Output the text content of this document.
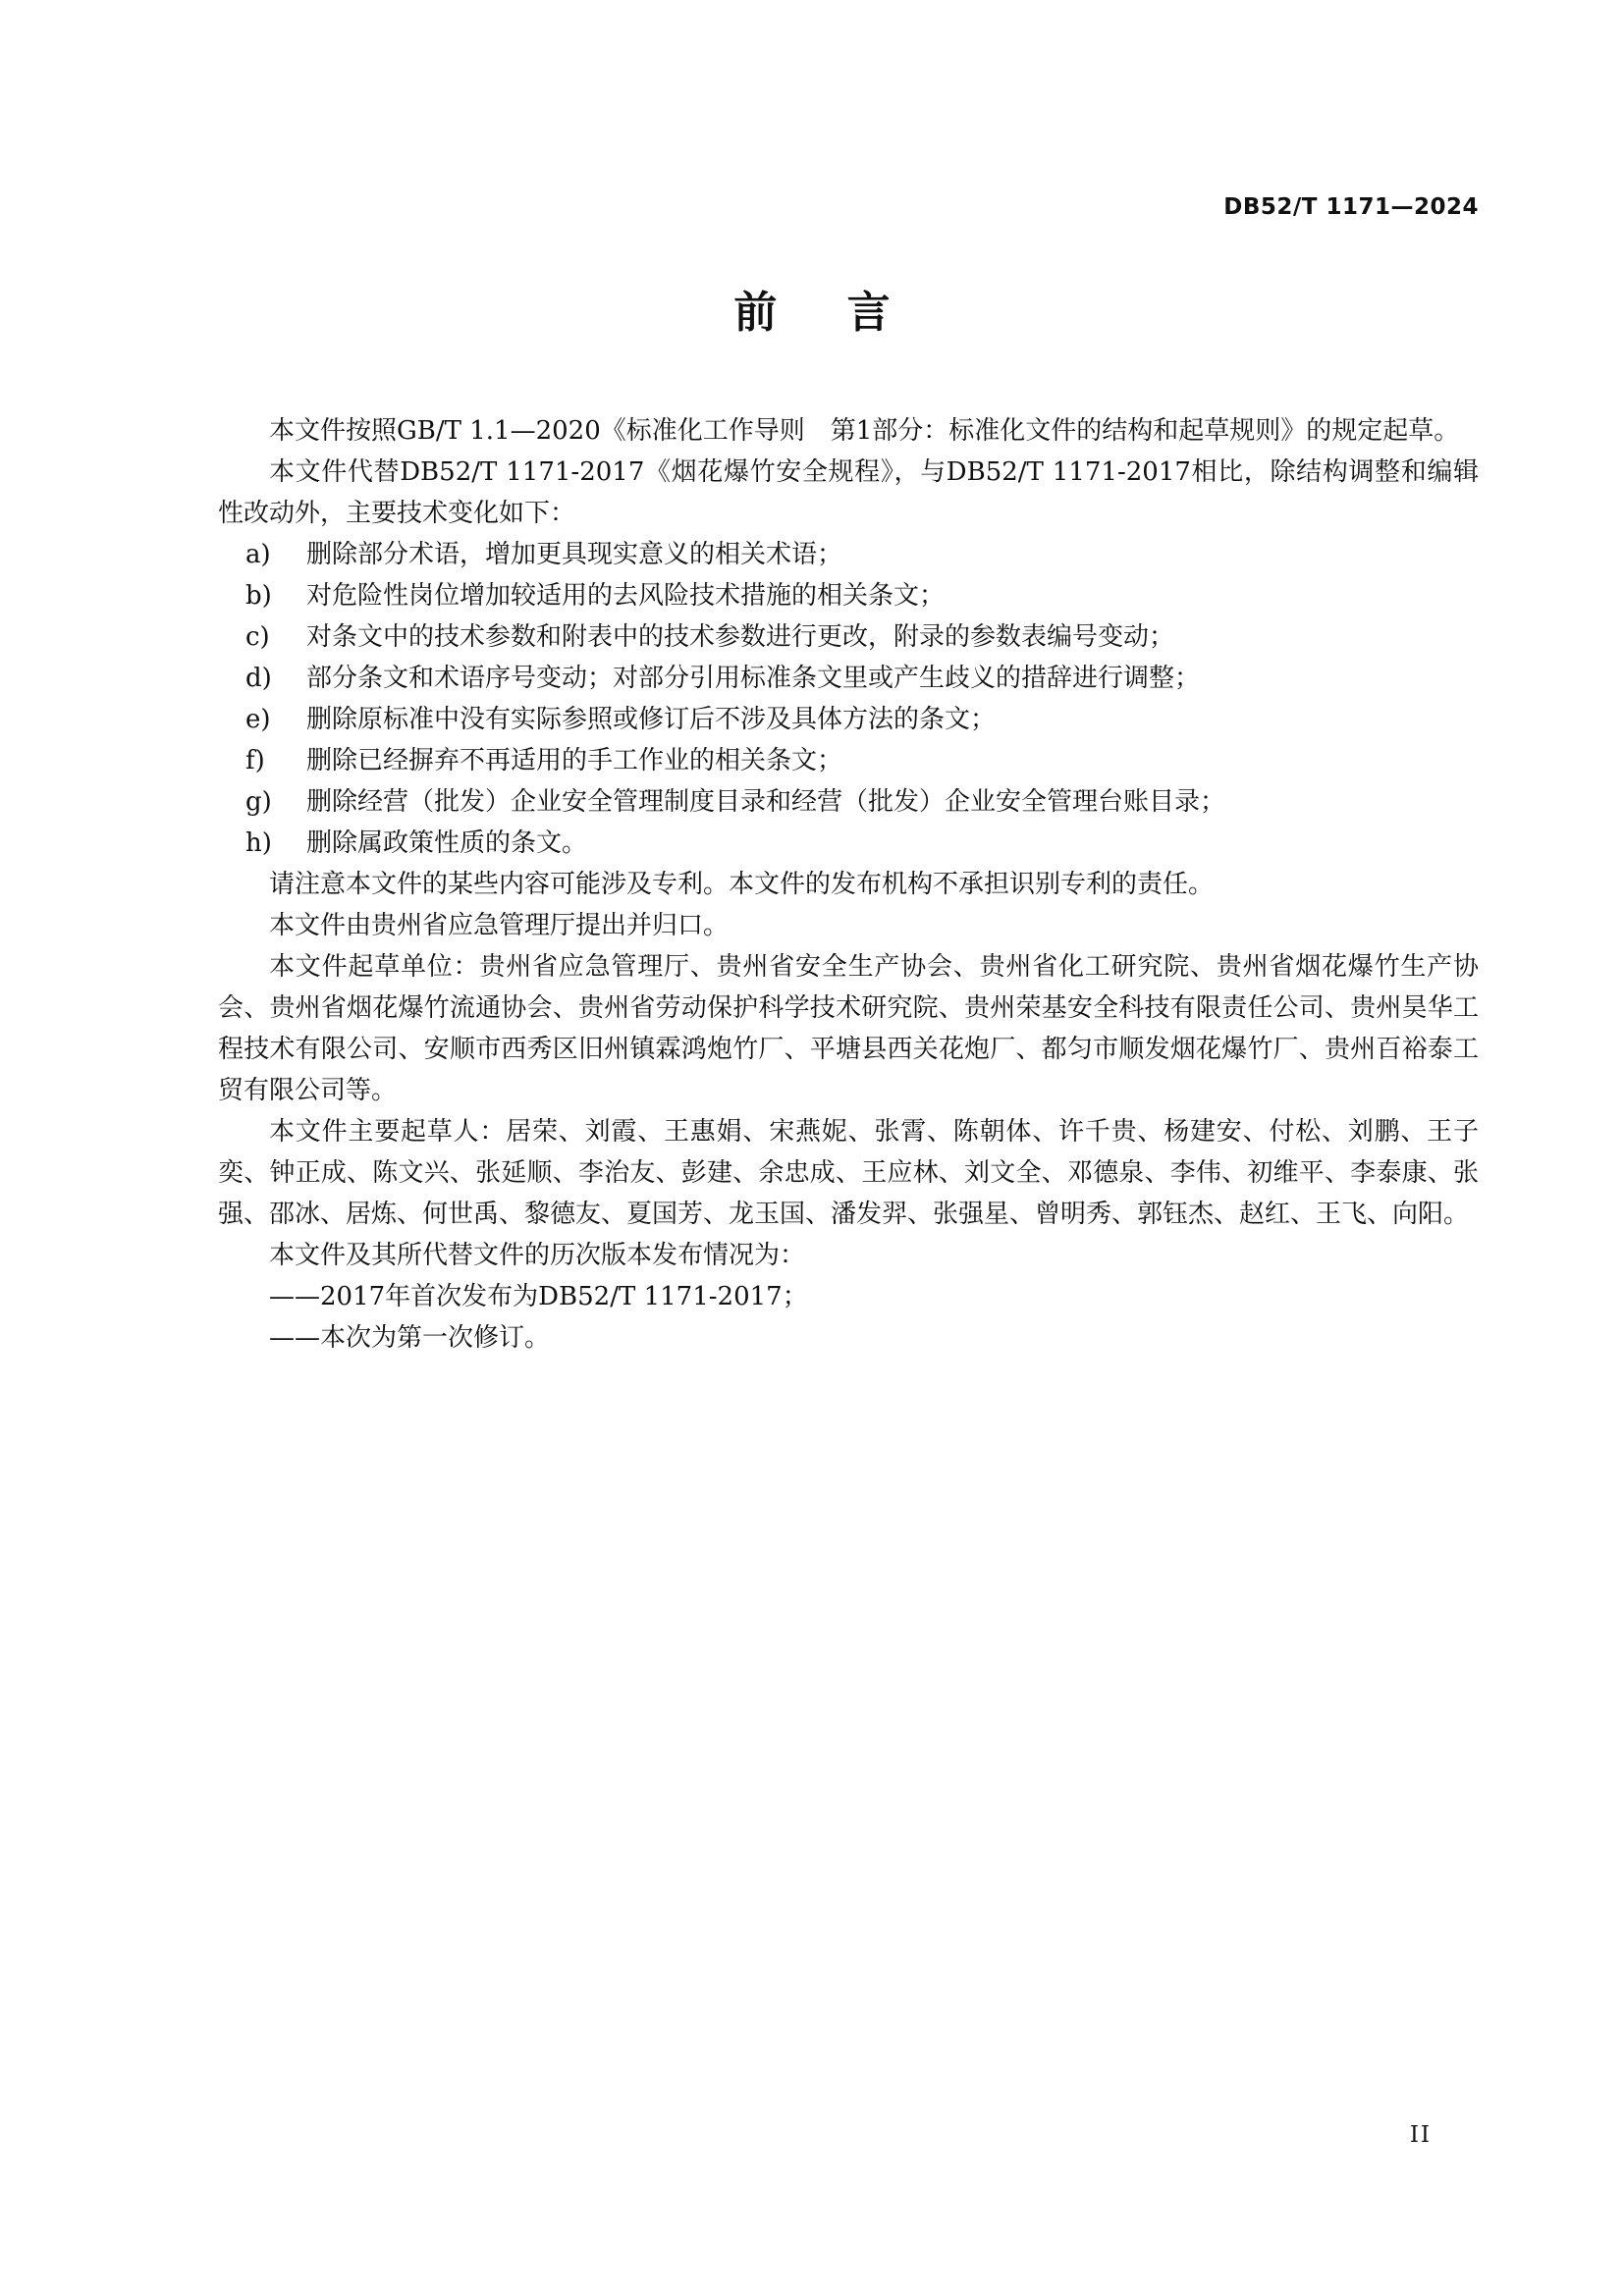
DB52/T 1171—2024
前 言

本文件按照GB/T 1.1—2020《标准化工作导则　第1部分：标准化文件的结构和起草规则》的规定起草。

本文件代替DB52/T 1171-2017《烟花爆竹安全规程》，与DB52/T 1171-2017相比，除结构调整和编辑性改动外，主要技术变化如下：

a)	删除部分术语，增加更具现实意义的相关术语；
b)	对危险性岗位增加较适用的去风险技术措施的相关条文；
c)	对条文中的技术参数和附表中的技术参数进行更改，附录的参数表编号变动；
d)	部分条文和术语序号变动；对部分引用标准条文里或产生歧义的措辞进行调整；
e)	删除原标准中没有实际参照或修订后不涉及具体方法的条文；
f)	删除已经摒弃不再适用的手工作业的相关条文；
g)	删除经营（批发）企业安全管理制度目录和经营（批发）企业安全管理台账目录；
h)	删除属政策性质的条文。

请注意本文件的某些内容可能涉及专利。本文件的发布机构不承担识别专利的责任。

本文件由贵州省应急管理厅提出并归口。

本文件起草单位：贵州省应急管理厅、贵州省安全生产协会、贵州省化工研究院、贵州省烟花爆竹生产协会、贵州省烟花爆竹流通协会、贵州省劳动保护科学技术研究院、贵州荣基安全科技有限责任公司、贵州昊华工程技术有限公司、安顺市西秀区旧州镇霖鸿炮竹厂、平塘县西关花炮厂、都匀市顺发烟花爆竹厂、贵州百裕泰工贸有限公司等。

本文件主要起草人：居荣、刘霞、王惠娟、宋燕妮、张霄、陈朝体、许千贵、杨建安、付松、刘鹏、王子奕、钟正成、陈文兴、张延顺、李治友、彭建、余忠成、王应林、刘文全、邓德泉、李伟、初维平、李泰康、张强、邵冰、居炼、何世禹、黎德友、夏国芳、龙玉国、潘发羿、张强星、曾明秀、郭钰杰、赵红、王飞、向阳。

本文件及其所代替文件的历次版本发布情况为：

——2017年首次发布为DB52/T 1171-2017；

——本次为第一次修订。

II
